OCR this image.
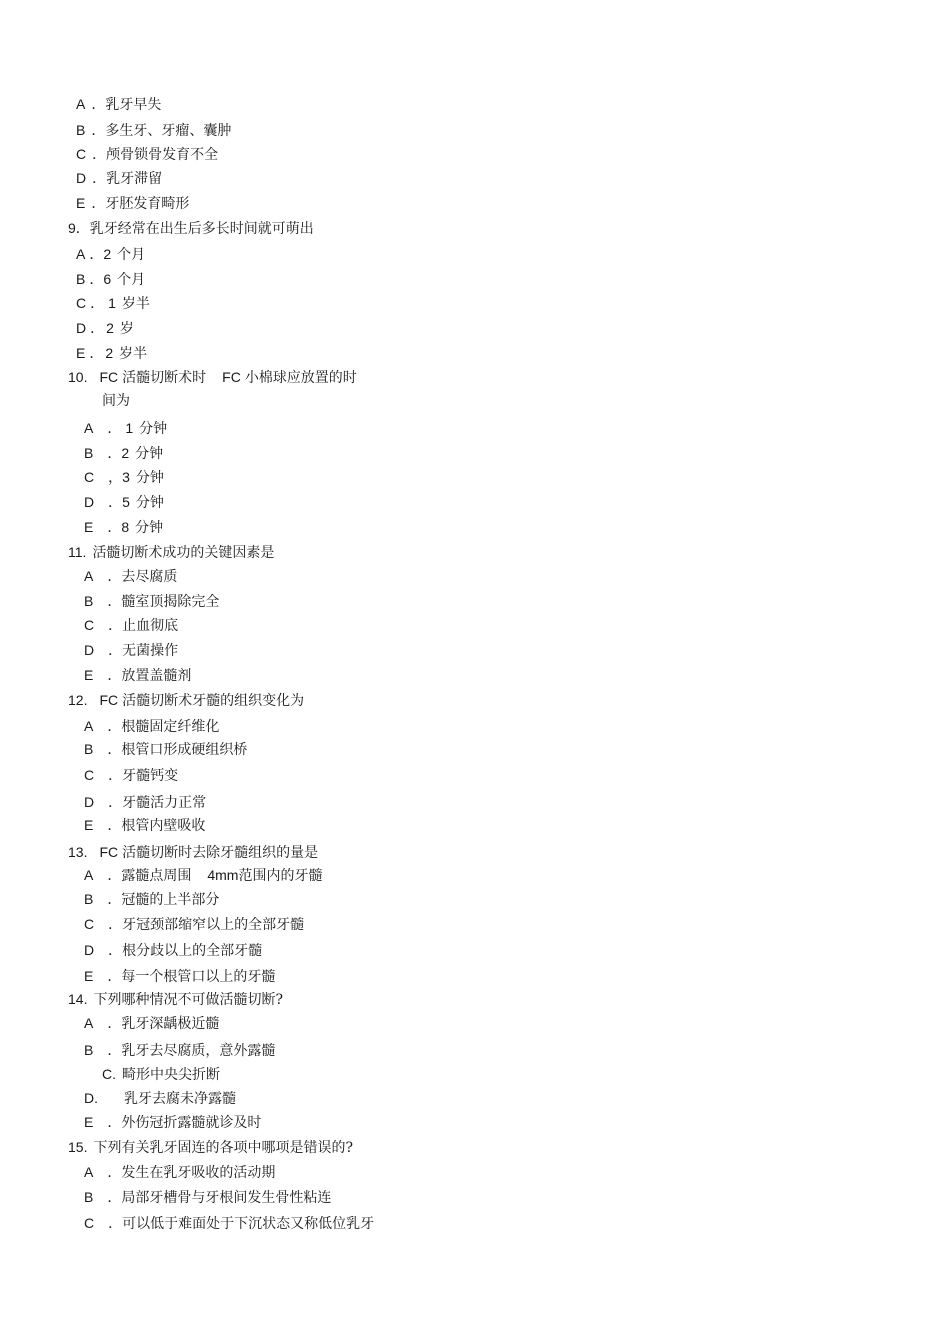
A ．乳牙早失
B ．多生牙、牙瘤、囊肿
C ．颅骨锁骨发育不全
D ．乳牙滞留
E ．牙胚发育畸形
9．乳牙经常在出生后多长时间就可萌出
A ．2 个月
B ．6 个月
C ． 1 岁半
D ． 2 岁
E ． 2 岁半
10. FC 活髓切断术时 FC 小棉球应放置的时
间为
A ． 1 分钟
B ．2 分钟
C ，3 分钟
D ．5 分钟
E ．8 分钟
11. 活髓切断术成功的关键因素是
A ．去尽腐质
B ．髓室顶揭除完全
C ．止血彻底
D ．无菌操作
E ．放置盖髓剂
12. FC 活髓切断术牙髓的组织变化为
A ．根髓固定纤维化
B ．根管口形成硬组织桥
C ．牙髓钙变
D ．牙髓活力正常
E ．根管内壁吸收
13. FC 活髓切断时去除牙髓组织的量是
A ．露髓点周围 4mm范围内的牙髓
B ．冠髓的上半部分
C ．牙冠颈部缩窄以上的全部牙髓
D ．根分歧以上的全部牙髓
E ．每一个根管口以上的牙髓
14. 下列哪种情况不可做活髓切断?
A ．乳牙深龋极近髓
B ．乳牙去尽腐质，意外露髓
C. 畸形中央尖折断
D. 乳牙去腐未净露髓
E ．外伤冠折露髓就诊及时
15. 下列有关乳牙固连的各项中哪项是错误的?
A ．发生在乳牙吸收的活动期
B ．局部牙槽骨与牙根间发生骨性粘连
C ．可以低于难面处于下沉状态又称低位乳牙
